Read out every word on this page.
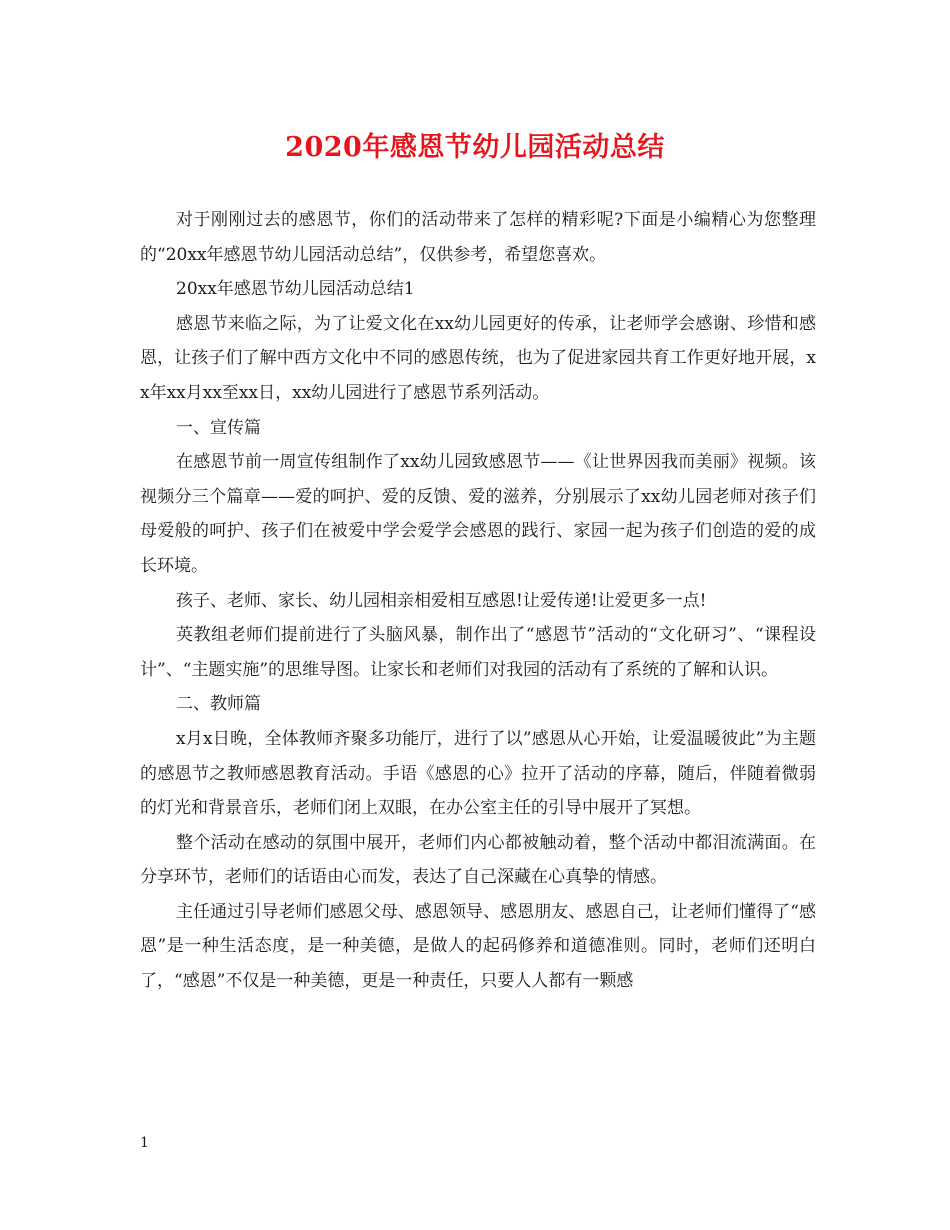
2020年感恩节幼儿园活动总结

对于刚刚过去的感恩节，你们的活动带来了怎样的精彩呢?下面是小编精心为您整理的“20xx年感恩节幼儿园活动总结”，仅供参考，希望您喜欢。

20xx年感恩节幼儿园活动总结1

感恩节来临之际，为了让爱文化在xx幼儿园更好的传承，让老师学会感谢、珍惜和感恩，让孩子们了解中西方文化中不同的感恩传统，也为了促进家园共育工作更好地开展，xx年xx月xx至xx日，xx幼儿园进行了感恩节系列活动。

一、宣传篇

在感恩节前一周宣传组制作了xx幼儿园致感恩节——《让世界因我而美丽》视频。该视频分三个篇章——爱的呵护、爱的反馈、爱的滋养，分别展示了xx幼儿园老师对孩子们母爱般的呵护、孩子们在被爱中学会爱学会感恩的践行、家园一起为孩子们创造的爱的成长环境。

孩子、老师、家长、幼儿园相亲相爱相互感恩!让爱传递!让爱更多一点!

英教组老师们提前进行了头脑风暴，制作出了“感恩节”活动的“文化研习”、“课程设计”、“主题实施”的思维导图。让家长和老师们对我园的活动有了系统的了解和认识。

二、教师篇

x月x日晚，全体教师齐聚多功能厅，进行了以”感恩从心开始，让爱温暖彼此”为主题的感恩节之教师感恩教育活动。手语《感恩的心》拉开了活动的序幕，随后，伴随着微弱的灯光和背景音乐，老师们闭上双眼，在办公室主任的引导中展开了冥想。

整个活动在感动的氛围中展开，老师们内心都被触动着，整个活动中都泪流满面。在分享环节，老师们的话语由心而发，表达了自己深藏在心真挚的情感。

主任通过引导老师们感恩父母、感恩领导、感恩朋友、感恩自己，让老师们懂得了“感恩”是一种生活态度，是一种美德，是做人的起码修养和道德准则。同时，老师们还明白了，“感恩”不仅是一种美德，更是一种责任，只要人人都有一颗感

1
